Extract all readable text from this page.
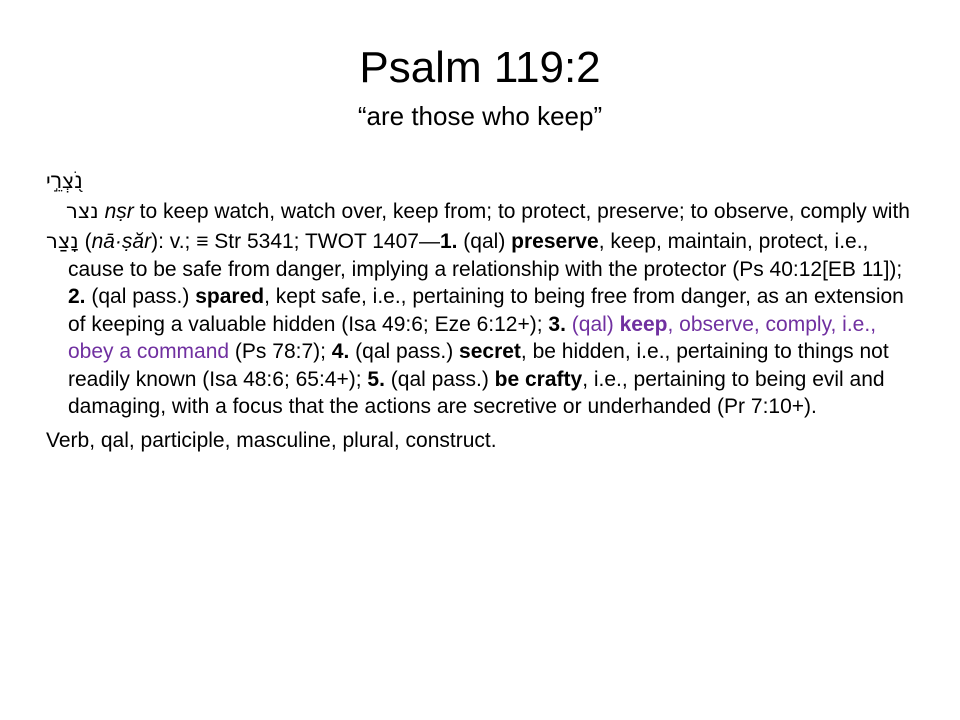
Psalm 119:2
“are those who keep”
נֹ֭צְרֵ֣י
נצר nṣr to keep watch, watch over, keep from; to protect, preserve; to observe, comply with
נָצַר (nā·ṣăr): v.; ≡ Str 5341; TWOT 1407—1. (qal) preserve, keep, maintain, protect, i.e., cause to be safe from danger, implying a relationship with the protector (Ps 40:12[EB 11]); 2. (qal pass.) spared, kept safe, i.e., pertaining to being free from danger, as an extension of keeping a valuable hidden (Isa 49:6; Eze 6:12+); 3. (qal) keep, observe, comply, i.e., obey a command (Ps 78:7); 4. (qal pass.) secret, be hidden, i.e., pertaining to things not readily known (Isa 48:6; 65:4+); 5. (qal pass.) be crafty, i.e., pertaining to being evil and damaging, with a focus that the actions are secretive or underhanded (Pr 7:10+).
Verb, qal, participle, masculine, plural, construct.
